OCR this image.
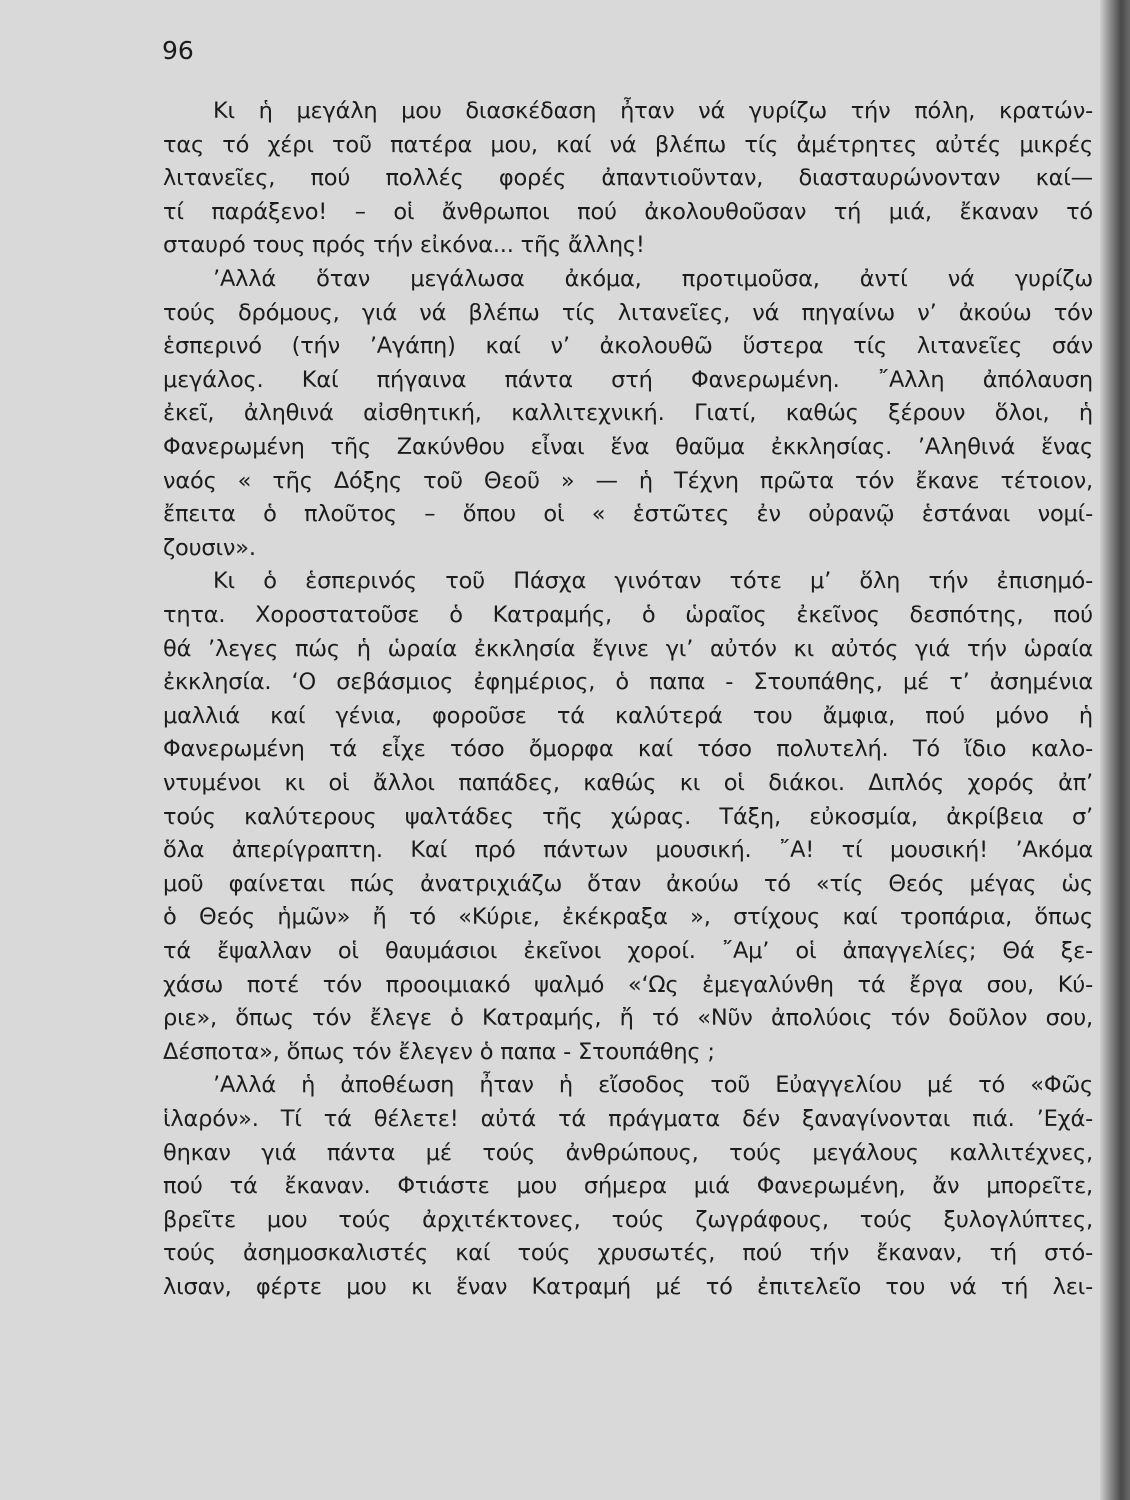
96
Κι ἡ μεγάλη μου διασκέδαση ἦταν νά γυρίζω τήν πόλη, κρατών-
τας τό χέρι τοῦ πατέρα μου, καί νά βλέπω τίς ἀμέτρητες αὐτές μικρές
λιτανεῖες, πού πολλές φορές ἀπαντιοῦνταν, διασταυρώνονταν καί—
τί παράξενο! – οἱ ἄνθρωποι πού ἀκολουθοῦσαν τή μιά, ἔκαναν τό
σταυρό τους πρός τήν εἰκόνα... τῆς ἄλλης!
’Αλλά ὅταν μεγάλωσα ἀκόμα, προτιμοῦσα, ἀντί νά γυρίζω
τούς δρόμους, γιά νά βλέπω τίς λιτανεῖες, νά πηγαίνω ν’ ἀκούω τόν
ἑσπερινό (τήν ’Αγάπη) καί ν’ ἀκολουθῶ ὕστερα τίς λιτανεῖες σάν
μεγάλος. Καί πήγαινα πάντα στή Φανερωμένη. ῎Αλλη ἀπόλαυση
ἐκεῖ, ἀληθινά αἰσθητική, καλλιτεχνική. Γιατί, καθώς ξέρουν ὅλοι, ἡ
Φανερωμένη τῆς Ζακύνθου εἶναι ἕνα θαῦμα ἐκκλησίας. ’Αληθινά ἕνας
ναός « τῆς Δόξης τοῦ Θεοῦ » — ἡ Τέχνη πρῶτα τόν ἔκανε τέτοιον,
ἔπειτα ὁ πλοῦτος – ὅπου οἱ « ἑστῶτες ἐν οὐρανῷ ἑστάναι νομί-
ζουσιν».
Κι ὁ ἑσπερινός τοῦ Πάσχα γινόταν τότε μ’ ὅλη τήν ἐπισημό-
τητα. Χοροστατοῦσε ὁ Κατραμής, ὁ ὡραῖος ἐκεῖνος δεσπότης, πού
θά ’λεγες πώς ἡ ὡραία ἐκκλησία ἔγινε γι’ αὐτόν κι αὐτός γιά τήν ὡραία
ἐκκλησία. ‘Ο σεβάσμιος ἐφημέριος, ὁ παπα - Στουπάθης, μέ τ’ ἀσημένια
μαλλιά καί γένια, φοροῦσε τά καλύτερά του ἄμφια, πού μόνο ἡ
Φανερωμένη τά εἶχε τόσο ὄμορφα καί τόσο πολυτελή. Τό ἴδιο καλο-
ντυμένοι κι οἱ ἄλλοι παπάδες, καθώς κι οἱ διάκοι. Διπλός χορός ἀπ’
τούς καλύτερους ψαλτάδες τῆς χώρας. Τάξη, εὐκοσμία, ἀκρίβεια σ’
ὅλα ἀπερίγραπτη. Καί πρό πάντων μουσική. ῎Α! τί μουσική! ’Ακόμα
μοῦ φαίνεται πώς ἀνατριχιάζω ὅταν ἀκούω τό «τίς Θεός μέγας ὡς
ὁ Θεός ἡμῶν» ἤ τό «Κύριε, ἐκέκραξα », στίχους καί τροπάρια, ὅπως
τά ἔψαλλαν οἱ θαυμάσιοι ἐκεῖνοι χοροί. ῎Αμ’ οἱ ἀπαγγελίες; Θά ξε-
χάσω ποτέ τόν προοιμιακό ψαλμό «‘Ως ἐμεγαλύνθη τά ἔργα σου, Κύ-
ριε», ὅπως τόν ἔλεγε ὁ Κατραμής, ἤ τό «Νῦν ἀπολύοις τόν δοῦλον σου,
Δέσποτα», ὅπως τόν ἔλεγεν ὁ παπα - Στουπάθης ;
’Αλλά ἡ ἀποθέωση ἦταν ἡ εἴσοδος τοῦ Εὐαγγελίου μέ τό «Φῶς
ἱλαρόν». Τί τά θέλετε! αὐτά τά πράγματα δέν ξαναγίνονται πιά. ’Εχά-
θηκαν γιά πάντα μέ τούς ἀνθρώπους, τούς μεγάλους καλλιτέχνες,
πού τά ἔκαναν. Φτιάστε μου σήμερα μιά Φανερωμένη, ἄν μπορεῖτε,
βρεῖτε μου τούς ἀρχιτέκτονες, τούς ζωγράφους, τούς ξυλογλύπτες,
τούς ἀσημοσκαλιστές καί τούς χρυσωτές, πού τήν ἔκαναν, τή στό-
λισαν, φέρτε μου κι ἕναν Κατραμή μέ τό ἐπιτελεῖο του νά τή λει-
